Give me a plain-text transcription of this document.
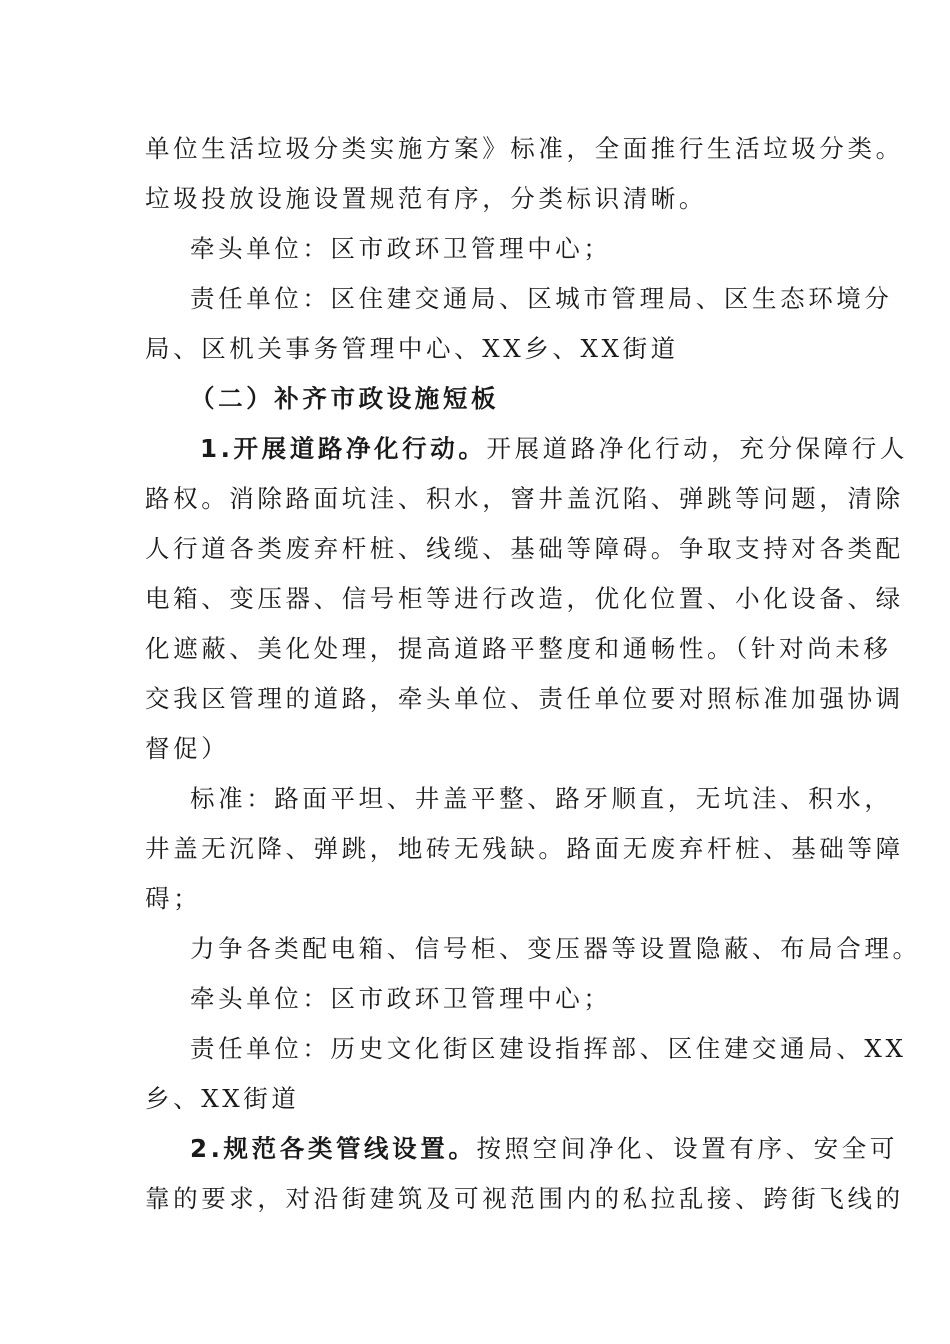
单位生活垃圾分类实施方案》标准，全面推行生活垃圾分类。
垃圾投放设施设置规范有序，分类标识清晰。
牵头单位：区市政环卫管理中心；
责任单位：区住建交通局、区城市管理局、区生态环境分
局、区机关事务管理中心、XX乡、XX街道
（二）补齐市政设施短板
1.开展道路净化行动。开展道路净化行动，充分保障行人
路权。消除路面坑洼、积水，窨井盖沉陷、弹跳等问题，清除
人行道各类废弃杆桩、线缆、基础等障碍。争取支持对各类配
电箱、变压器、信号柜等进行改造，优化位置、小化设备、绿
化遮蔽、美化处理，提高道路平整度和通畅性。（针对尚未移
交我区管理的道路，牵头单位、责任单位要对照标准加强协调
督促）
标准：路面平坦、井盖平整、路牙顺直，无坑洼、积水，
井盖无沉降、弹跳，地砖无残缺。路面无废弃杆桩、基础等障
碍；
力争各类配电箱、信号柜、变压器等设置隐蔽、布局合理。
牵头单位：区市政环卫管理中心；
责任单位：历史文化街区建设指挥部、区住建交通局、XX
乡、XX街道
2.规范各类管线设置。按照空间净化、设置有序、安全可
靠的要求，对沿街建筑及可视范围内的私拉乱接、跨街飞线的
